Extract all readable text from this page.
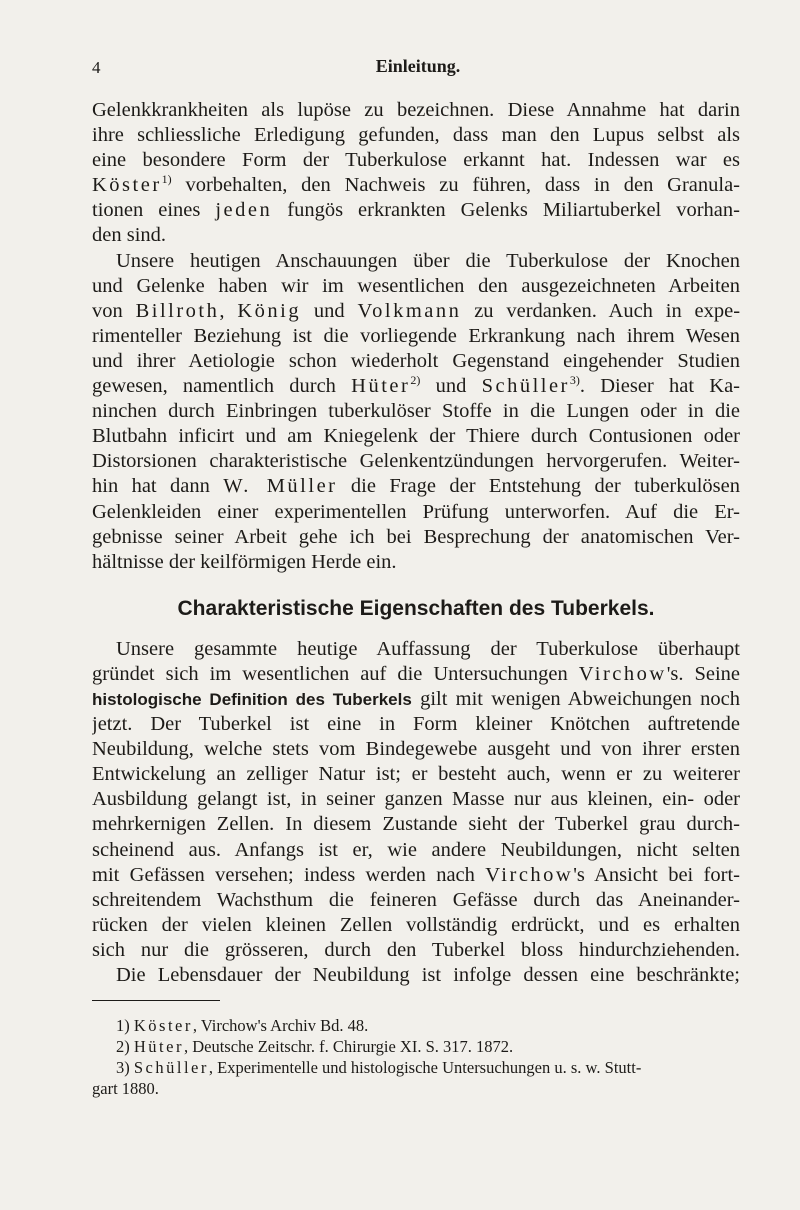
4	Einleitung.
Gelenkkrankheiten als lupöse zu bezeichnen. Diese Annahme hat darin
ihre schliessliche Erledigung gefunden, dass man den Lupus selbst als
eine besondere Form der Tuberkulose erkannt hat. Indessen war es
Köster$^{1)}$ vorbehalten, den Nachweis zu führen, dass in den Granula-
tionen eines jeden fungös erkrankten Gelenks Miliartuberkel vorhan-
den sind.
Unsere heutigen Anschauungen über die Tuberkulose der Knochen
und Gelenke haben wir im wesentlichen den ausgezeichneten Arbeiten
von Billroth, König und Volkmann zu verdanken. Auch in expe-
rimenteller Beziehung ist die vorliegende Erkrankung nach ihrem Wesen
und ihrer Aetiologie schon wiederholt Gegenstand eingehender Studien
gewesen, namentlich durch Hüter$^{2)}$ und Schüller$^{3)}$. Dieser hat Ka-
ninchen durch Einbringen tuberkulöser Stoffe in die Lungen oder in die
Blutbahn inficirt und am Kniegelenk der Thiere durch Contusionen oder
Distorsionen charakteristische Gelenkentzündungen hervorgerufen. Weiter-
hin hat dann W. Müller die Frage der Entstehung der tuberkulösen
Gelenkleiden einer experimentellen Prüfung unterworfen. Auf die Er-
gebnisse seiner Arbeit gehe ich bei Besprechung der anatomischen Ver-
hältnisse der keilförmigen Herde ein.
Charakteristische Eigenschaften des Tuberkels.
Unsere gesammte heutige Auffassung der Tuberkulose überhaupt
gründet sich im wesentlichen auf die Untersuchungen Virchow's. Seine
histologische Definition des Tuberkels gilt mit wenigen Abweichungen noch
jetzt. Der Tuberkel ist eine in Form kleiner Knötchen auftretende
Neubildung, welche stets vom Bindegewebe ausgeht und von ihrer ersten
Entwickelung an zelliger Natur ist; er besteht auch, wenn er zu weiterer
Ausbildung gelangt ist, in seiner ganzen Masse nur aus kleinen, ein- oder
mehrkernigen Zellen. In diesem Zustande sieht der Tuberkel grau durch-
scheinend aus. Anfangs ist er, wie andere Neubildungen, nicht selten
mit Gefässen versehen; indess werden nach Virchow's Ansicht bei fort-
schreitendem Wachsthum die feineren Gefässe durch das Aneinander-
rücken der vielen kleinen Zellen vollständig erdrückt, und es erhalten
sich nur die grösseren, durch den Tuberkel bloss hindurchziehenden.
Die Lebensdauer der Neubildung ist infolge dessen eine beschränkte;
1) Köster, Virchow's Archiv Bd. 48.
2) Hüter, Deutsche Zeitschr. f. Chirurgie XI. S. 317. 1872.
3) Schüller, Experimentelle und histologische Untersuchungen u. s. w. Stutt-
gart 1880.
